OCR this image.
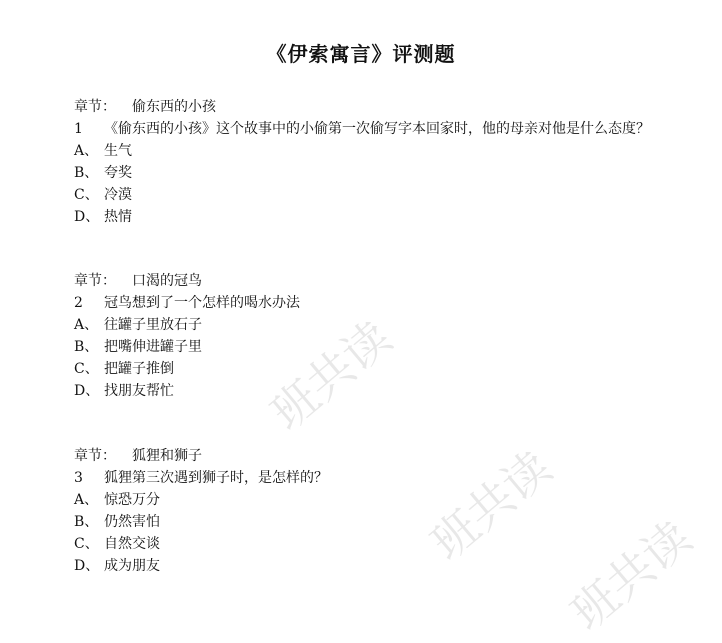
班共读
班共读
班共读
《伊索寓言》评测题
章节： 偷东西的小孩
1 《偷东西的小孩》这个故事中的小偷第一次偷写字本回家时，他的母亲对他是什么态度？
A、 生气
B、 夸奖
C、 冷漠
D、 热情
章节： 口渴的冠鸟
2 冠鸟想到了一个怎样的喝水办法
A、 往罐子里放石子
B、 把嘴伸进罐子里
C、 把罐子推倒
D、 找朋友帮忙
章节： 狐狸和狮子
3 狐狸第三次遇到狮子时，是怎样的？
A、 惊恐万分
B、 仍然害怕
C、 自然交谈
D、 成为朋友
